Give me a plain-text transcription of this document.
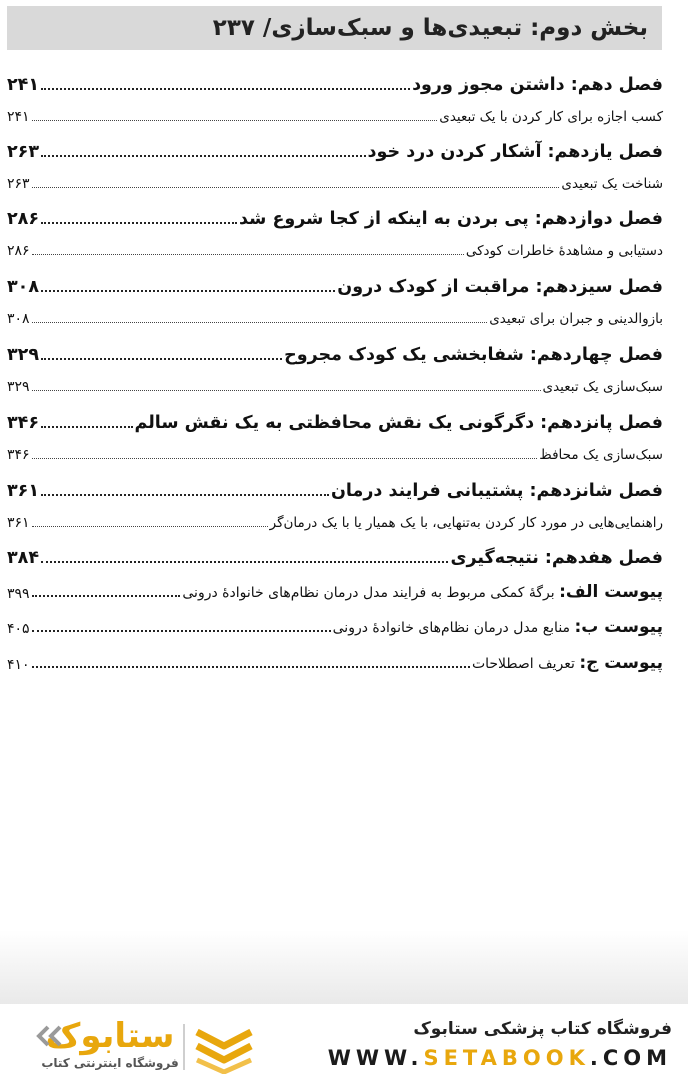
بخش دوم: تبعیدی‌ها و سبک‌سازی/ ۲۳۷
فصل دهم: داشتن مجوز ورود
۲۴۱
کسب اجازه برای کار کردن با یک تبعیدی
۲۴۱
فصل یازدهم: آشکار کردن درد خود
۲۶۳
شناخت یک تبعیدی
۲۶۳
فصل دوازدهم: پی بردن به اینکه از کجا شروع شد
۲۸۶
دستیابی و مشاهدهٔ خاطرات کودکی
۲۸۶
فصل سیزدهم: مراقبت از کودک درون
۳۰۸
بازوالدینی و جبران برای تبعیدی
۳۰۸
فصل چهاردهم: شفابخشی یک کودک مجروح
۳۲۹
سبک‌سازی یک تبعیدی
۳۲۹
فصل پانزدهم: دگرگونی یک نقش محافظتی به یک نقش سالم
۳۴۶
سبک‌سازی یک محافظ
۳۴۶
فصل شانزدهم: پشتیبانی فرایند درمان
۳۶۱
راهنمایی‌هایی در مورد کار کردن به‌تنهایی، با یک همیار یا با یک درمان‌گر
۳۶۱
فصل هفدهم: نتیجه‌گیری
۳۸۴
پیوست الف: برگهٔ کمکی مربوط به فرایند مدل درمان نظام‌های خانوادهٔ درونی
۳۹۹
پیوست ب: منابع مدل درمان نظام‌های خانوادهٔ درونی
۴۰۵
پیوست ج: تعریف اصطلاحات
۴۱۰
فروشگاه کتاب پزشکی ستابوک
WWW.SETABOOK.COM
ستابوک
فروشگاه اینترنتی کتاب
